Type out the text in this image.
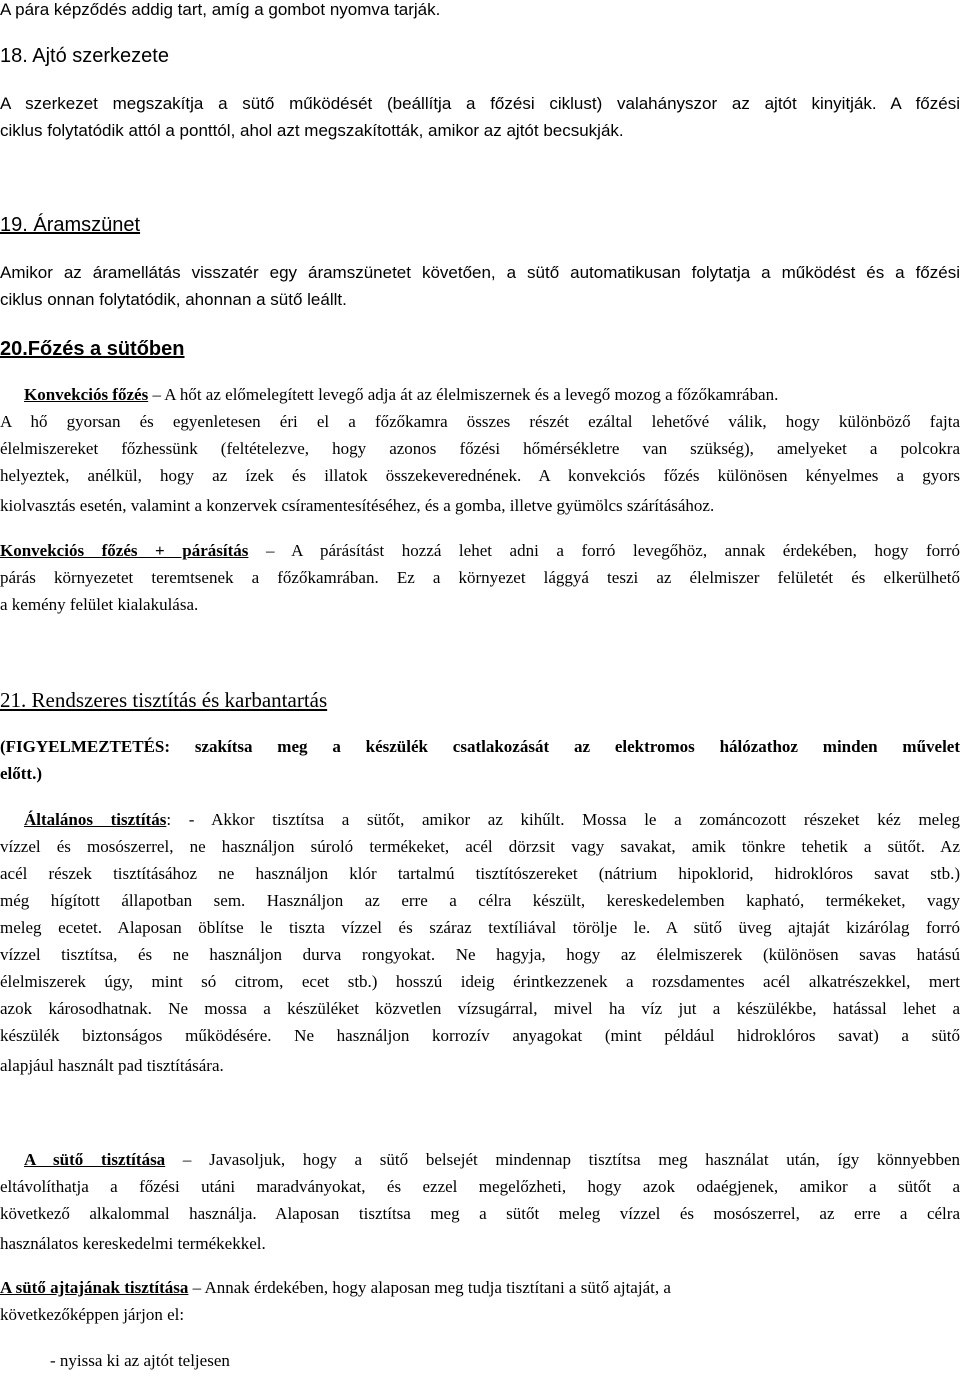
A pára képződés addig tart, amíg a gombot nyomva tarják.

18. Ajtó szerkezete

A szerkezet megszakítja a sütő működését (beállítja a főzési ciklust) valahányszor az ajtót kinyitják. A főzési

ciklus folytatódik attól a ponttól, ahol azt megszakították, amikor az ajtót becsukják.

19. Áramszünet

Amikor az áramellátás visszatér egy áramszünetet követően, a sütő automatikusan folytatja a működést és a főzési

ciklus onnan folytatódik, ahonnan a sütő leállt.

20.Főzés a sütőben

Konvekciós főzés – A hőt az előmelegített levegő adja át az élelmiszernek és a levegő mozog a főzőkamrában.

A hő gyorsan és egyenletesen éri el a főzőkamra összes részét ezáltal lehetővé válik, hogy különböző fajta

élelmiszereket főzhessünk (feltételezve, hogy azonos főzési hőmérsékletre van szükség), amelyeket a polcokra

helyeztek, anélkül, hogy az ízek és illatok összekeverednének. A konvekciós főzés különösen kényelmes a gyors

kiolvasztás esetén, valamint a konzervek csíramentesítéséhez, és a gomba, illetve gyümölcs szárításához.

Konvekciós főzés + párásítás – A párásítást hozzá lehet adni a forró levegőhöz, annak érdekében, hogy forró

párás környezetet teremtsenek a főzőkamrában. Ez a környezet lággyá teszi az élelmiszer felületét és elkerülhető

a kemény felület kialakulása.

21. Rendszeres tisztítás és karbantartás

(FIGYELMEZTETÉS: szakítsa meg a készülék csatlakozását az elektromos hálózathoz minden művelet

előtt.)

Általános tisztítás: - Akkor tisztítsa a sütőt, amikor az kihűlt. Mossa le a zománcozott részeket kéz meleg

vízzel és mosószerrel, ne használjon súroló termékeket, acél dörzsit vagy savakat, amik tönkre tehetik a sütőt. Az

acél részek tisztításához ne használjon klór tartalmú tisztítószereket (nátrium hipoklorid, hidroklóros savat stb.)

még hígított állapotban sem. Használjon az erre a célra készült, kereskedelemben kapható, termékeket, vagy

meleg ecetet. Alaposan öblítse le tiszta vízzel és száraz textíliával törölje le. A sütő üveg ajtaját kizárólag forró

vízzel tisztítsa, és ne használjon durva rongyokat. Ne hagyja, hogy az élelmiszerek (különösen savas hatású

élelmiszerek úgy, mint só citrom, ecet stb.) hosszú ideig érintkezzenek a rozsdamentes acél alkatrészekkel, mert

azok károsodhatnak. Ne mossa a készüléket közvetlen vízsugárral, mivel ha víz jut a készülékbe, hatással lehet a

készülék biztonságos működésére. Ne használjon korrozív anyagokat (mint például hidroklóros savat) a sütő

alapjául használt pad tisztítására.

A sütő tisztítása – Javasoljuk, hogy a sütő belsejét mindennap tisztítsa meg használat után, így könnyebben

eltávolíthatja a főzési utáni maradványokat, és ezzel megelőzheti, hogy azok odaégjenek, amikor a sütőt a

következő alkalommal használja. Alaposan tisztítsa meg a sütőt meleg vízzel és mosószerrel, az erre a célra

használatos kereskedelmi termékekkel.

A sütő ajtajának tisztítása – Annak érdekében, hogy alaposan meg tudja tisztítani a sütő ajtaját, a

következőképpen járjon el:

- nyissa ki az ajtót teljesen
